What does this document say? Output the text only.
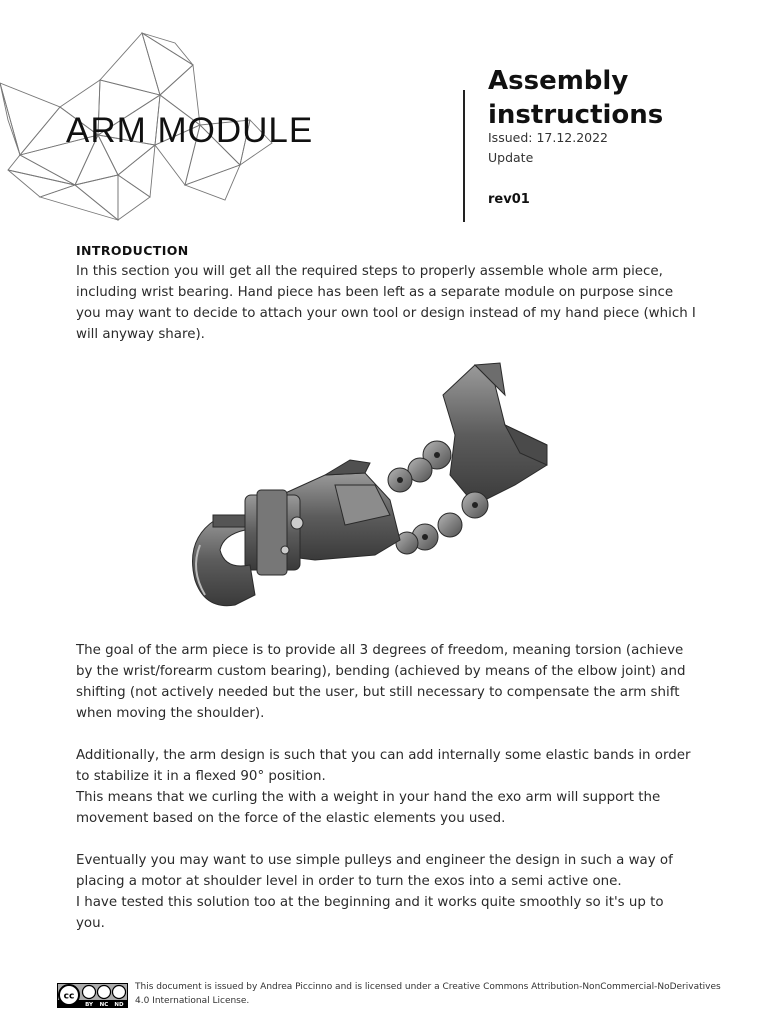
ARM MODULE
Assembly instructions
Issued: 17.12.2022
Update
rev01
INTRODUCTION

In this section you will get all the required steps to properly assemble whole arm piece, including wrist bearing. Hand piece has been left as a separate module on purpose since you may want to decide to attach your own tool or design instead of my hand piece (which I will anyway share).

The goal of the arm piece is to provide all 3 degrees of freedom, meaning torsion (achieve by the wrist/forearm custom bearing), bending (achieved by means of the elbow joint) and shifting (not actively needed but the user, but still necessary to compensate the arm shift when moving the shoulder).

Additionally, the arm design is such that you can add internally some elastic bands in order to stabilize it in a flexed 90° position.

This means that we curling the with a weight in your hand the exo arm will support the movement based on the force of the elastic elements you used.

Eventually you may want to use simple pulleys and engineer the design in such a way of placing a motor at shoulder level in order to turn the exos into a semi active one.

I have tested this solution too at the beginning and it works quite smoothly so it's up to you.

cc
BY NC ND
This document is issued by Andrea Piccinno and is licensed under a Creative Commons Attribution-NonCommercial-NoDerivatives 4.0 International License.
